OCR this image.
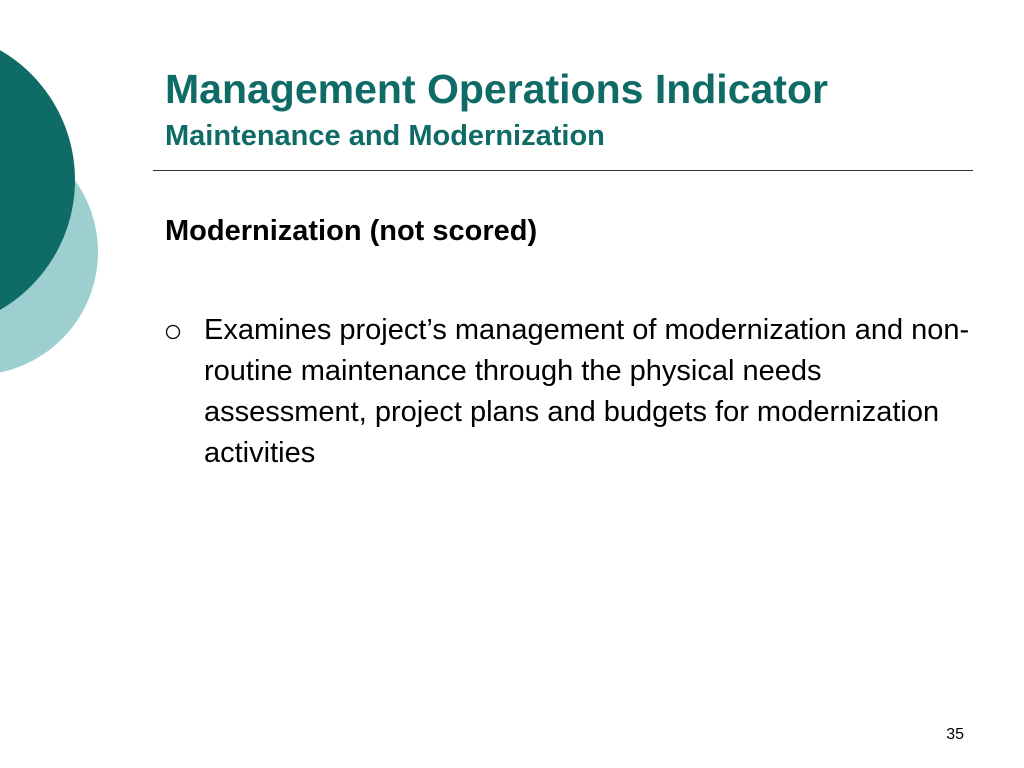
Management Operations Indicator
Maintenance and Modernization

Modernization (not scored)

Examines project’s management of modernization and non-routine maintenance through the physical needs assessment, project plans and budgets for modernization activities

35
